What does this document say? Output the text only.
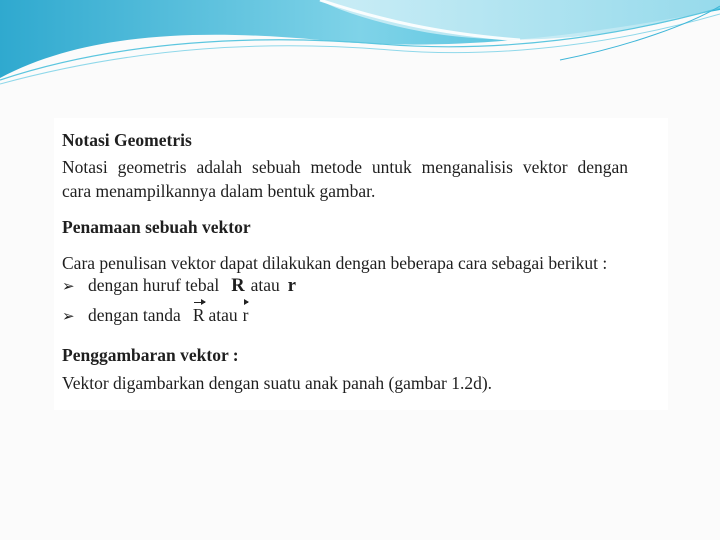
Notasi Geometris
Notasi geometris adalah sebuah metode untuk menganalisis vektor dengan
cara menampilkannya dalam bentuk gambar.
Penamaan sebuah vektor
Cara penulisan vektor dapat dilakukan dengan beberapa cara sebagai berikut :
➢ dengan huruf tebal R atau r
➢ dengan tanda R atau r
Penggambaran vektor :
Vektor digambarkan dengan suatu anak panah (gambar 1.2d).
